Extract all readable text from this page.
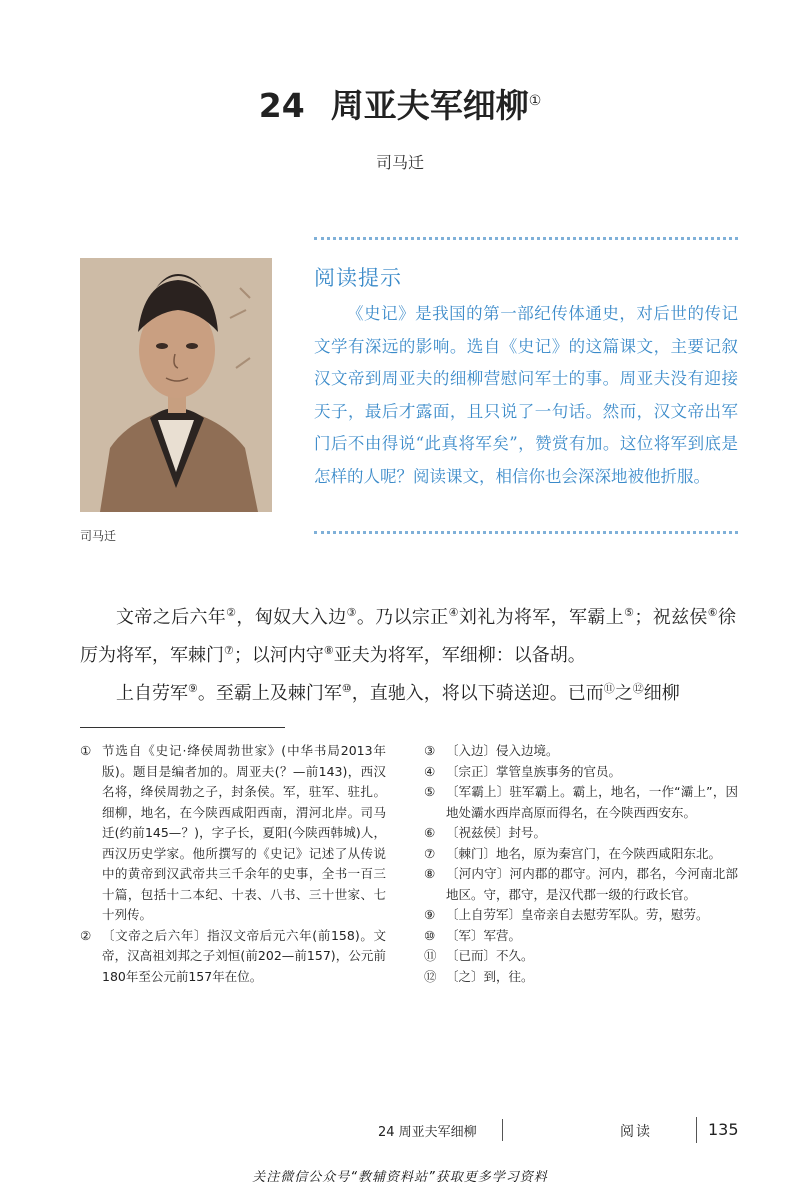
24 周亚夫军细柳①
司马迁
司马迁
阅读提示

《史记》是我国的第一部纪传体通史，对后世的传记文学有深远的影响。选自《史记》的这篇课文，主要记叙汉文帝到周亚夫的细柳营慰问军士的事。周亚夫没有迎接天子，最后才露面，且只说了一句话。然而，汉文帝出军门后不由得说“此真将军矣”，赞赏有加。这位将军到底是怎样的人呢？阅读课文，相信你也会深深地被他折服。

文帝之后六年②，匈奴大入边③。乃以宗正④刘礼为将军，军霸上⑤；祝兹侯⑥徐厉为将军，军棘门⑦；以河内守⑧亚夫为将军，军细柳：以备胡。

上自劳军⑨。至霸上及棘门军⑩，直驰入，将以下骑送迎。已而⑪之⑫细柳

① 节选自《史记·绛侯周勃世家》(中华书局2013年版)。题目是编者加的。周亚夫(？—前143)，西汉名将，绛侯周勃之子，封条侯。军，驻军、驻扎。细柳，地名，在今陕西咸阳西南，渭河北岸。司马迁(约前145—？)，字子长，夏阳(今陕西韩城)人，西汉历史学家。他所撰写的《史记》记述了从传说中的黄帝到汉武帝共三千余年的史事，全书一百三十篇，包括十二本纪、十表、八书、三十世家、七十列传。

② 〔文帝之后六年〕指汉文帝后元六年(前158)。文帝，汉高祖刘邦之子刘恒(前202—前157)，公元前180年至公元前157年在位。

③ 〔入边〕侵入边境。

④ 〔宗正〕掌管皇族事务的官员。

⑤ 〔军霸上〕驻军霸上。霸上，地名，一作“灞上”，因地处灞水西岸高原而得名，在今陕西西安东。

⑥ 〔祝兹侯〕封号。

⑦ 〔棘门〕地名，原为秦宫门，在今陕西咸阳东北。

⑧ 〔河内守〕河内郡的郡守。河内，郡名，今河南北部地区。守，郡守，是汉代郡一级的行政长官。

⑨ 〔上自劳军〕皇帝亲自去慰劳军队。劳，慰劳。

⑩ 〔军〕军营。

⑪ 〔已而〕不久。

⑫ 〔之〕到，往。

24 周亚夫军细柳	阅读	135
关注微信公众号“教辅资料站”获取更多学习资料
